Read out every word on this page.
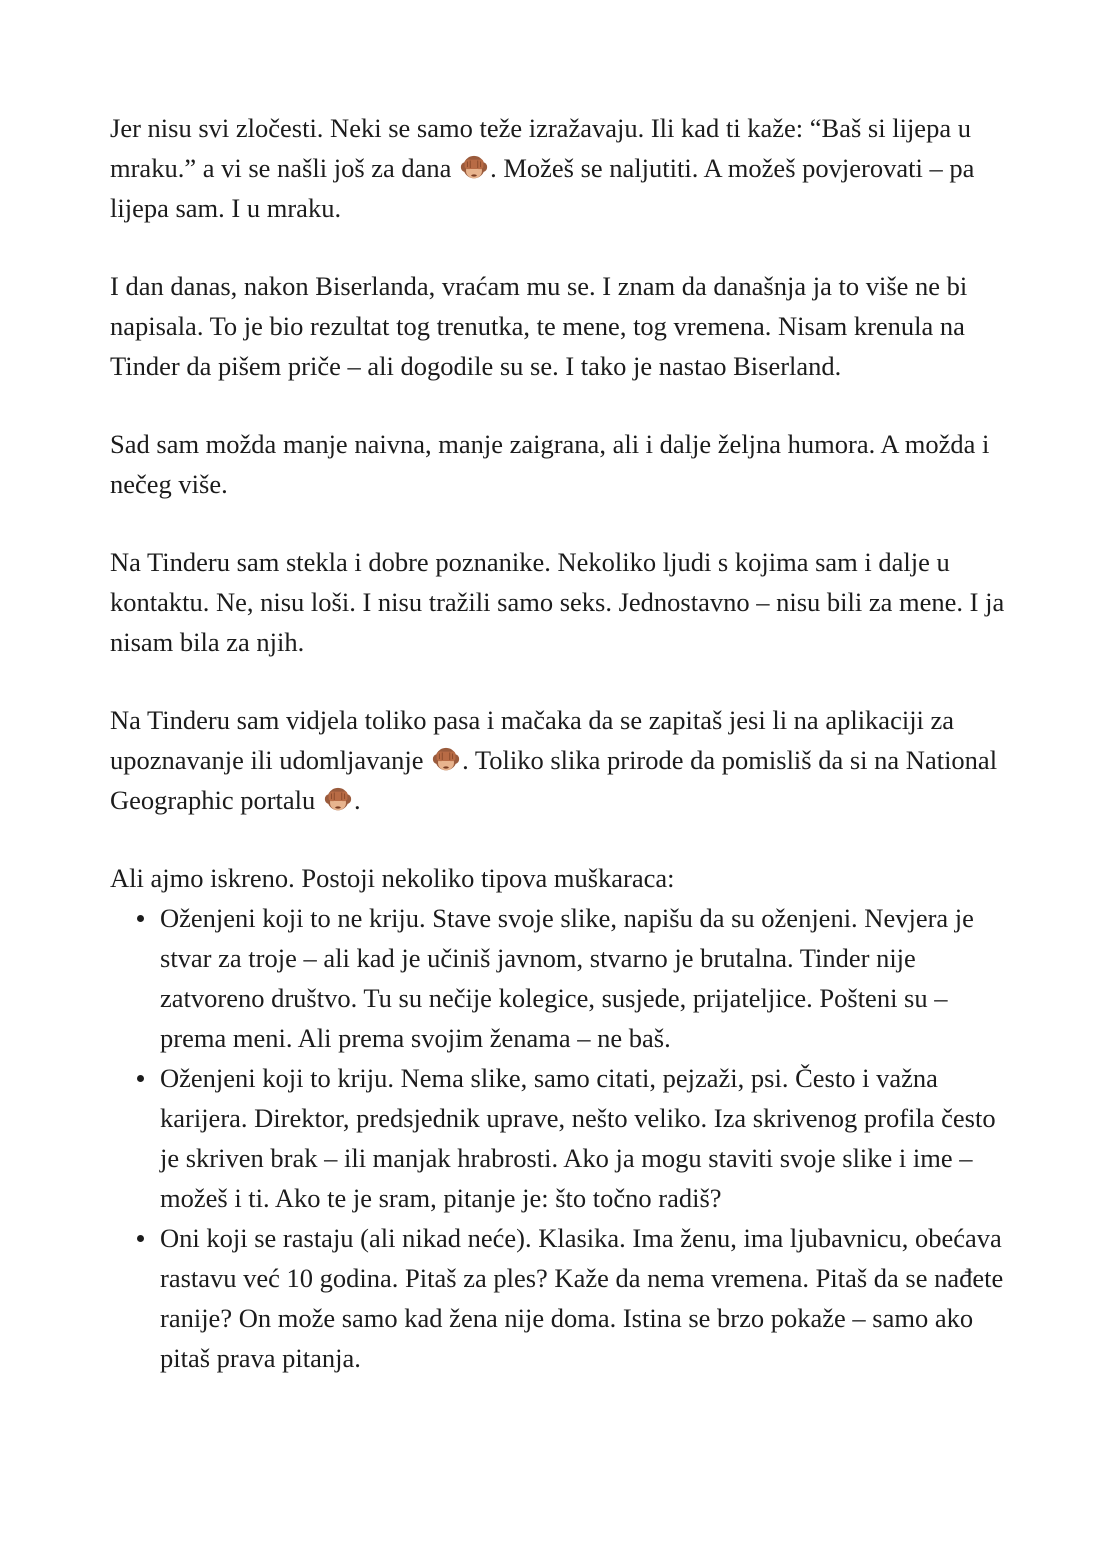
Jer nisu svi zločesti. Neki se samo teže izražavaju. Ili kad ti kaže: “Baš si lijepa u mraku.” a vi se našli još za dana . Možeš se naljutiti. A možeš povjerovati – pa lijepa sam. I u mraku.

I dan danas, nakon Biserlanda, vraćam mu se. I znam da današnja ja to više ne bi napisala. To je bio rezultat tog trenutka, te mene, tog vremena. Nisam krenula na Tinder da pišem priče – ali dogodile su se. I tako je nastao Biserland.

Sad sam možda manje naivna, manje zaigrana, ali i dalje željna humora. A možda i nečeg više.

Na Tinderu sam stekla i dobre poznanike. Nekoliko ljudi s kojima sam i dalje u kontaktu. Ne, nisu loši. I nisu tražili samo seks. Jednostavno – nisu bili za mene. I ja nisam bila za njih.

Na Tinderu sam vidjela toliko pasa i mačaka da se zapitaš jesi li na aplikaciji za upoznavanje ili udomljavanje . Toliko slika prirode da pomisliš da si na National Geographic portalu .

Ali ajmo iskreno. Postoji nekoliko tipova muškaraca:

Oženjeni koji to ne kriju. Stave svoje slike, napišu da su oženjeni. Nevjera je stvar za troje – ali kad je učiniš javnom, stvarno je brutalna. Tinder nije zatvoreno društvo. Tu su nečije kolegice, susjede, prijateljice. Pošteni su – prema meni. Ali prema svojim ženama – ne baš.
Oženjeni koji to kriju. Nema slike, samo citati, pejzaži, psi. Često i važna karijera. Direktor, predsjednik uprave, nešto veliko. Iza skrivenog profila često je skriven brak – ili manjak hrabrosti. Ako ja mogu staviti svoje slike i ime – možeš i ti. Ako te je sram, pitanje je: što točno radiš?
Oni koji se rastaju (ali nikad neće). Klasika. Ima ženu, ima ljubavnicu, obećava rastavu već 10 godina. Pitaš za ples? Kaže da nema vremena. Pitaš da se nađete ranije? On može samo kad žena nije doma. Istina se brzo pokaže – samo ako pitaš prava pitanja.
